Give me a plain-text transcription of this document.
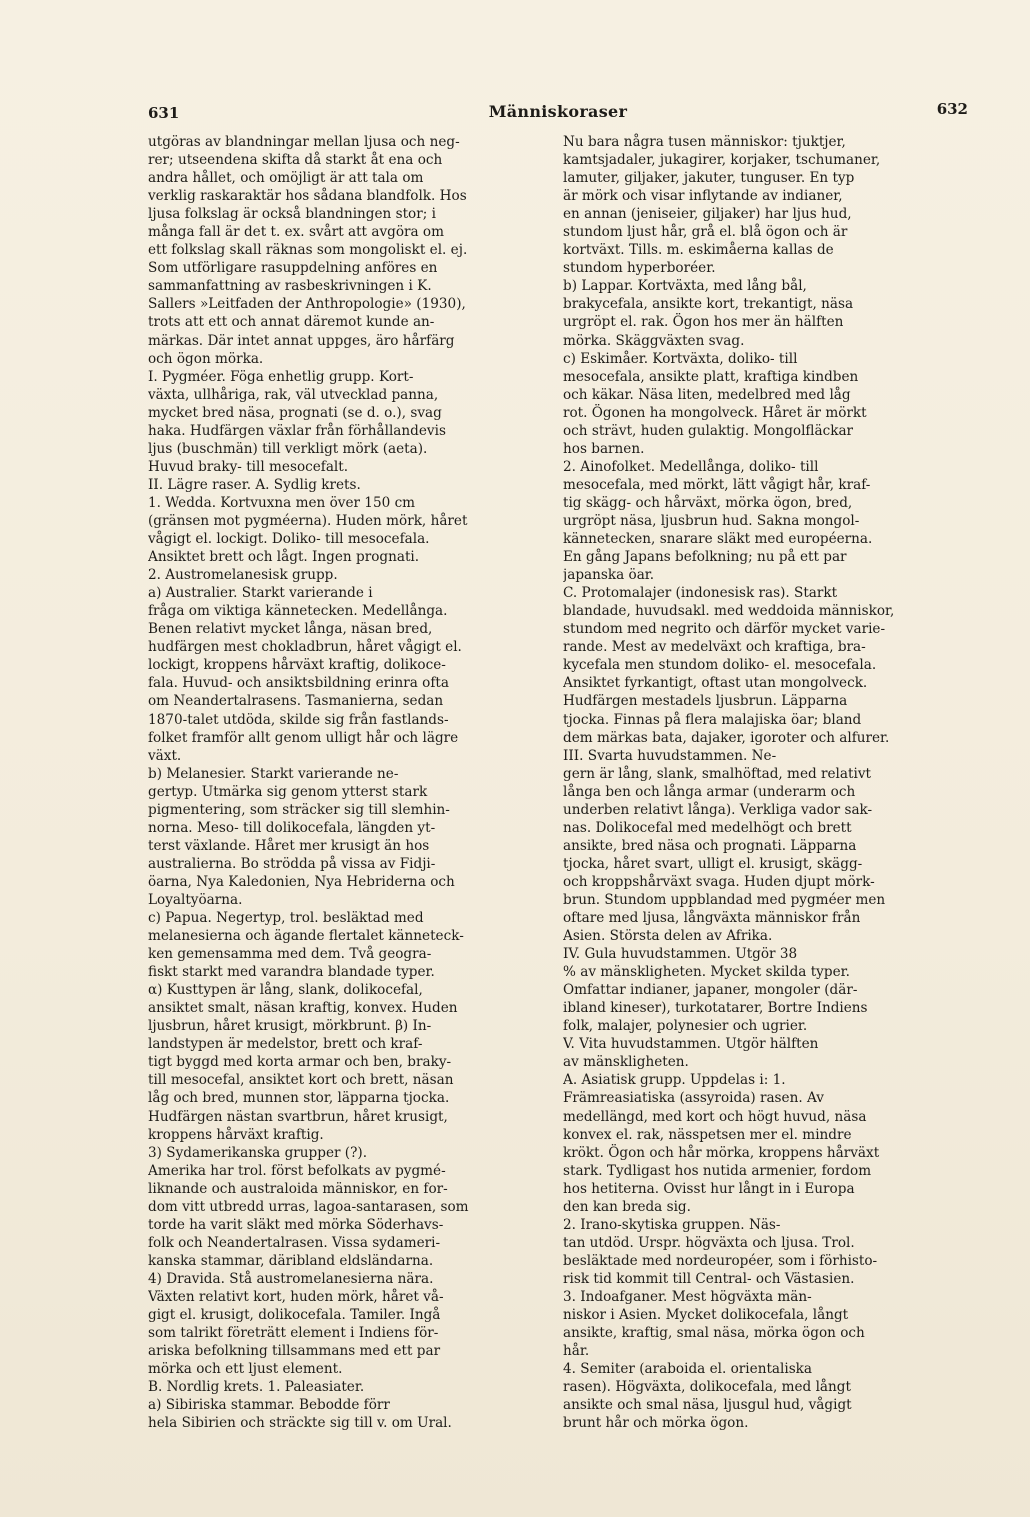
631	Människoraser	632
utgöras av blandningar mellan ljusa och neg-
rer; utseendena skifta då starkt åt ena och
andra hållet, och omöjligt är att tala om
verklig raskaraktär hos sådana blandfolk. Hos
ljusa folkslag är också blandningen stor; i
många fall är det t. ex. svårt att avgöra om
ett folkslag skall räknas som mongoliskt el. ej.
Som utförligare rasuppdelning anföres en
sammanfattning av rasbeskrivningen i K.
Sallers »Leitfaden der Anthropologie» (1930),
trots att ett och annat däremot kunde an-
märkas. Där intet annat uppges, äro hårfärg
och ögon mörka.
I. Pygméer. Föga enhetlig grupp. Kort-
växta, ullhåriga, rak, väl utvecklad panna,
mycket bred näsa, prognati (se d. o.), svag
haka. Hudfärgen växlar från förhållandevis
ljus (buschmän) till verkligt mörk (aeta).
Huvud braky- till mesocefalt.
II. Lägre raser. A. Sydlig krets.
1. Wedda. Kortvuxna men över 150 cm
(gränsen mot pygméerna). Huden mörk, håret
vågigt el. lockigt. Doliko- till mesocefala.
Ansiktet brett och lågt. Ingen prognati.
2. Austromelanesisk grupp.
a) Australier. Starkt varierande i
fråga om viktiga kännetecken. Medellånga.
Benen relativt mycket långa, näsan bred,
hudfärgen mest chokladbrun, håret vågigt el.
lockigt, kroppens hårväxt kraftig, dolikoce-
fala. Huvud- och ansiktsbildning erinra ofta
om Neandertalrasens. Tasmanierna, sedan
1870-talet utdöda, skilde sig från fastlands-
folket framför allt genom ulligt hår och lägre
växt.
b) Melanesier. Starkt varierande ne-
gertyp. Utmärka sig genom ytterst stark
pigmentering, som sträcker sig till slemhin-
norna. Meso- till dolikocefala, längden yt-
terst växlande. Håret mer krusigt än hos
australierna. Bo strödda på vissa av Fidji-
öarna, Nya Kaledonien, Nya Hebriderna och
Loyaltyöarna.
c) Papua. Negertyp, trol. besläktad med
melanesierna och ägande flertalet känneteck-
ken gemensamma med dem. Två geogra-
fiskt starkt med varandra blandade typer.
α) Kusttypen är lång, slank, dolikocefal,
ansiktet smalt, näsan kraftig, konvex. Huden
ljusbrun, håret krusigt, mörkbrunt. β) In-
landstypen är medelstor, brett och kraf-
tigt byggd med korta armar och ben, braky-
till mesocefal, ansiktet kort och brett, näsan
låg och bred, munnen stor, läpparna tjocka.
Hudfärgen nästan svartbrun, håret krusigt,
kroppens hårväxt kraftig.
3) Sydamerikanska grupper (?).
Amerika har trol. först befolkats av pygmé-
liknande och australoida människor, en for-
dom vitt utbredd urras, lagoa-santarasen, som
torde ha varit släkt med mörka Söderhavs-
folk och Neandertalrasen. Vissa sydameri-
kanska stammar, däribland eldsländarna.
4) Dravida. Stå austromelanesierna nära.
Växten relativt kort, huden mörk, håret vå-
gigt el. krusigt, dolikocefala. Tamiler. Ingå
som talrikt företrätt element i Indiens för-
ariska befolkning tillsammans med ett par
mörka och ett ljust element.
B. Nordlig krets. 1. Paleasiater.
a) Sibiriska stammar. Bebodde förr
hela Sibirien och sträckte sig till v. om Ural.
Nu bara några tusen människor: tjuktjer,
kamtsjadaler, jukagirer, korjaker, tschumaner,
lamuter, giljaker, jakuter, tunguser. En typ
är mörk och visar inflytande av indianer,
en annan (jeniseier, giljaker) har ljus hud,
stundom ljust hår, grå el. blå ögon och är
kortväxt. Tills. m. eskimåerna kallas de
stundom hyperboréer.
b) Lappar. Kortväxta, med lång bål,
brakycefala, ansikte kort, trekantigt, näsa
urgröpt el. rak. Ögon hos mer än hälften
mörka. Skäggväxten svag.
c) Eskimåer. Kortväxta, doliko- till
mesocefala, ansikte platt, kraftiga kindben
och käkar. Näsa liten, medelbred med låg
rot. Ögonen ha mongolveck. Håret är mörkt
och strävt, huden gulaktig. Mongolfläckar
hos barnen.
2. Ainofolket. Medellånga, doliko- till
mesocefala, med mörkt, lätt vågigt hår, kraf-
tig skägg- och hårväxt, mörka ögon, bred,
urgröpt näsa, ljusbrun hud. Sakna mongol-
kännetecken, snarare släkt med européerna.
En gång Japans befolkning; nu på ett par
japanska öar.
C. Protomalajer (indonesisk ras). Starkt
blandade, huvudsakl. med weddoida människor,
stundom med negrito och därför mycket varie-
rande. Mest av medelväxt och kraftiga, bra-
kycefala men stundom doliko- el. mesocefala.
Ansiktet fyrkantigt, oftast utan mongolveck.
Hudfärgen mestadels ljusbrun. Läpparna
tjocka. Finnas på flera malajiska öar; bland
dem märkas bata, dajaker, igoroter och alfurer.
III. Svarta huvudstammen. Ne-
gern är lång, slank, smalhöftad, med relativt
långa ben och långa armar (underarm och
underben relativt långa). Verkliga vador sak-
nas. Dolikocefal med medelhögt och brett
ansikte, bred näsa och prognati. Läpparna
tjocka, håret svart, ulligt el. krusigt, skägg-
och kroppshårväxt svaga. Huden djupt mörk-
brun. Stundom uppblandad med pygméer men
oftare med ljusa, långväxta människor från
Asien. Största delen av Afrika.
IV. Gula huvudstammen. Utgör 38
% av mänskligheten. Mycket skilda typer.
Omfattar indianer, japaner, mongoler (där-
ibland kineser), turkotatarer, Bortre Indiens
folk, malajer, polynesier och ugrier.
V. Vita huvudstammen. Utgör hälften
av mänskligheten.
A. Asiatisk grupp. Uppdelas i: 1.
Främreasiatiska (assyroida) rasen. Av
medellängd, med kort och högt huvud, näsa
konvex el. rak, nässpetsen mer el. mindre
krökt. Ögon och hår mörka, kroppens hårväxt
stark. Tydligast hos nutida armenier, fordom
hos hetiterna. Ovisst hur långt in i Europa
den kan breda sig.
2. Irano-skytiska gruppen. Näs-
tan utdöd. Urspr. högväxta och ljusa. Trol.
besläktade med nordeuropéer, som i förhisto-
risk tid kommit till Central- och Västasien.
3. Indoafganer. Mest högväxta män-
niskor i Asien. Mycket dolikocefala, långt
ansikte, kraftig, smal näsa, mörka ögon och
hår.
4. Semiter (araboida el. orientaliska
rasen). Högväxta, dolikocefala, med långt
ansikte och smal näsa, ljusgul hud, vågigt
brunt hår och mörka ögon.
